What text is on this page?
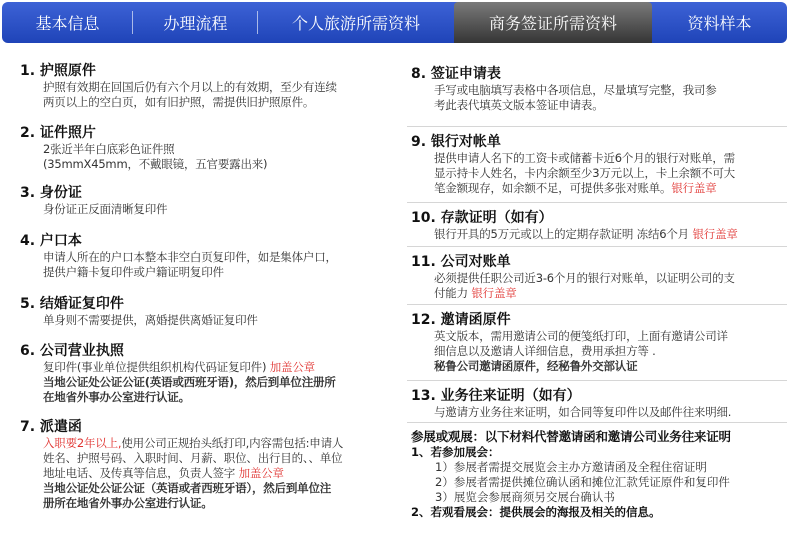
基本信息	办理流程	个人旅游所需资料	商务签证所需资料	资料样本
1. 护照原件

护照有效期在回国后仍有六个月以上的有效期，至少有连续

两页以上的空白页，如有旧护照，需提供旧护照原件。

2. 证件照片

2张近半年白底彩色证件照

(35mmX45mm，不戴眼镜，五官要露出来)

3. 身份证

身份证正反面清晰复印件

4. 户口本

申请人所在的户口本整本非空白页复印件，如是集体户口，

提供户籍卡复印件或户籍证明复印件

5. 结婚证复印件

单身则不需要提供，离婚提供离婚证复印件

6. 公司营业执照

复印件(事业单位提供组织机构代码证复印件) 加盖公章

当地公证处公证公证(英语或西班牙语)，然后到单位注册所

在地省外事办公室进行认证。

7. 派遣函

入职要2年以上,使用公司正规抬头纸打印,内容需包括:申请人

姓名、护照号码、入职时间、月薪、职位、出行目的、、单位

地址电话、及传真等信息，负责人签字 加盖公章

当地公证处公证公证（英语或者西班牙语），然后到单位注

册所在地省外事办公室进行认证。

8. 签证申请表

手写或电脑填写表格中各项信息，尽量填写完整，我司参

考此表代填英文版本签证申请表。

9. 银行对帐单

提供申请人名下的工资卡或储蓄卡近6个月的银行对账单，需

显示持卡人姓名，卡内余额至少3万元以上，卡上余额不可大

笔金额现存，如余额不足，可提供多张对账单。银行盖章

10. 存款证明（如有）

银行开具的5万元或以上的定期存款证明 冻结6个月 银行盖章

11. 公司对账单

必须提供任职公司近3-6个月的银行对账单，以证明公司的支

付能力 银行盖章

12. 邀请函原件

英文版本，需用邀请公司的便笺纸打印，上面有邀请公司详

细信息以及邀请人详细信息，费用承担方等 .

秘鲁公司邀请函原件，经秘鲁外交部认证

13. 业务往来证明（如有）

与邀请方业务往来证明，如合同等复印件以及邮件往来明细.

参展或观展：以下材料代替邀请函和邀请公司业务往来证明
1、若参加展会：
1）参展者需提交展览会主办方邀请函及全程住宿证明
2）参展者需提供摊位确认函和摊位汇款凭证原件和复印件
3）展览会参展商须另交展台确认书
2、若观看展会：提供展会的海报及相关的信息。
